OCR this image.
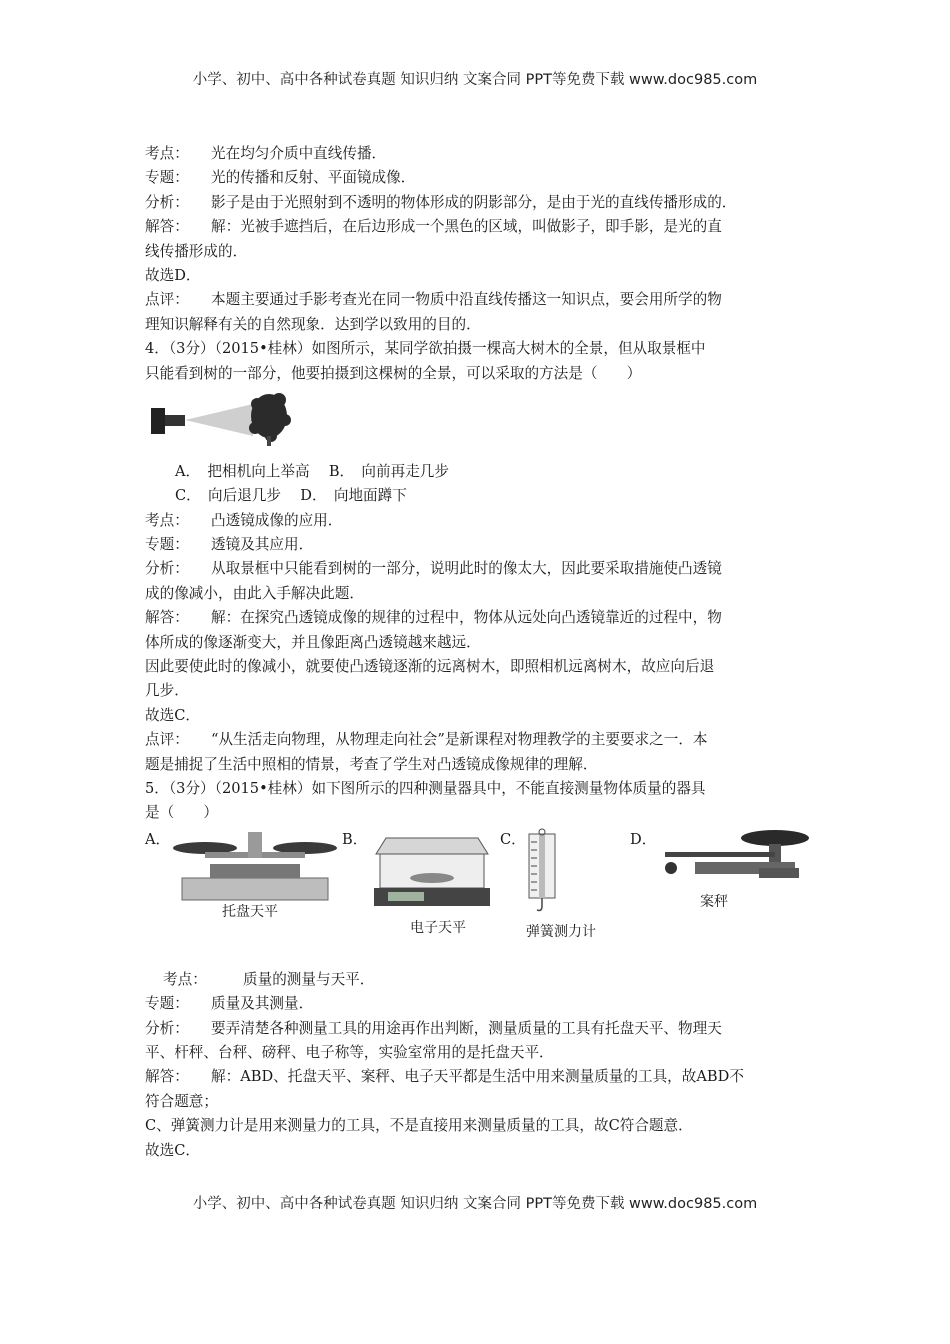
小学、初中、高中各种试卷真题 知识归纳 文案合同 PPT等免费下载 www.doc985.com
考点： 光在均匀介质中直线传播．
专题： 光的传播和反射、平面镜成像．
分析： 影子是由于光照射到不透明的物体形成的阴影部分，是由于光的直线传播形成的．
解答： 解：光被手遮挡后，在后边形成一个黑色的区域，叫做影子，即手影，是光的直
线传播形成的．
故选D．
点评： 本题主要通过手影考查光在同一物质中沿直线传播这一知识点，要会用所学的物
理知识解释有关的自然现象．达到学以致用的目的．
4．（3分）（2015•桂林）如图所示，某同学欲拍摄一棵高大树木的全景，但从取景框中
只能看到树的一部分，他要拍摄到这棵树的全景，可以采取的方法是（　　）
A．　把相机向上举高　 B．　向前再走几步
C．　向后退几步　 D．　向地面蹲下
考点： 凸透镜成像的应用．
专题： 透镜及其应用．
分析： 从取景框中只能看到树的一部分，说明此时的像太大，因此要采取措施使凸透镜
成的像减小，由此入手解决此题．
解答： 解：在探究凸透镜成像的规律的过程中，物体从远处向凸透镜靠近的过程中，物
体所成的像逐渐变大，并且像距离凸透镜越来越远．
因此要使此时的像减小，就要使凸透镜逐渐的远离树木，即照相机远离树木，故应向后退
几步．
故选C．
点评： “从生活走向物理，从物理走向社会”是新课程对物理教学的主要要求之一．本
题是捕捉了生活中照相的情景，考查了学生对凸透镜成像规律的理解．
5．（3分）（2015•桂林）如下图所示的四种测量器具中，不能直接测量物体质量的器具
是（　　）
A．
托盘天平
B．
电子天平
C．
弹簧测力计
D．
案秤
考点： 质量的测量与天平．
专题： 质量及其测量．
分析： 要弄清楚各种测量工具的用途再作出判断，测量质量的工具有托盘天平、物理天
平、杆秤、台秤、磅秤、电子称等，实验室常用的是托盘天平．
解答： 解：ABD、托盘天平、案秤、电子天平都是生活中用来测量质量的工具，故ABD不
符合题意；
C、弹簧测力计是用来测量力的工具，不是直接用来测量质量的工具，故C符合题意．
故选C．
小学、初中、高中各种试卷真题 知识归纳 文案合同 PPT等免费下载 www.doc985.com
